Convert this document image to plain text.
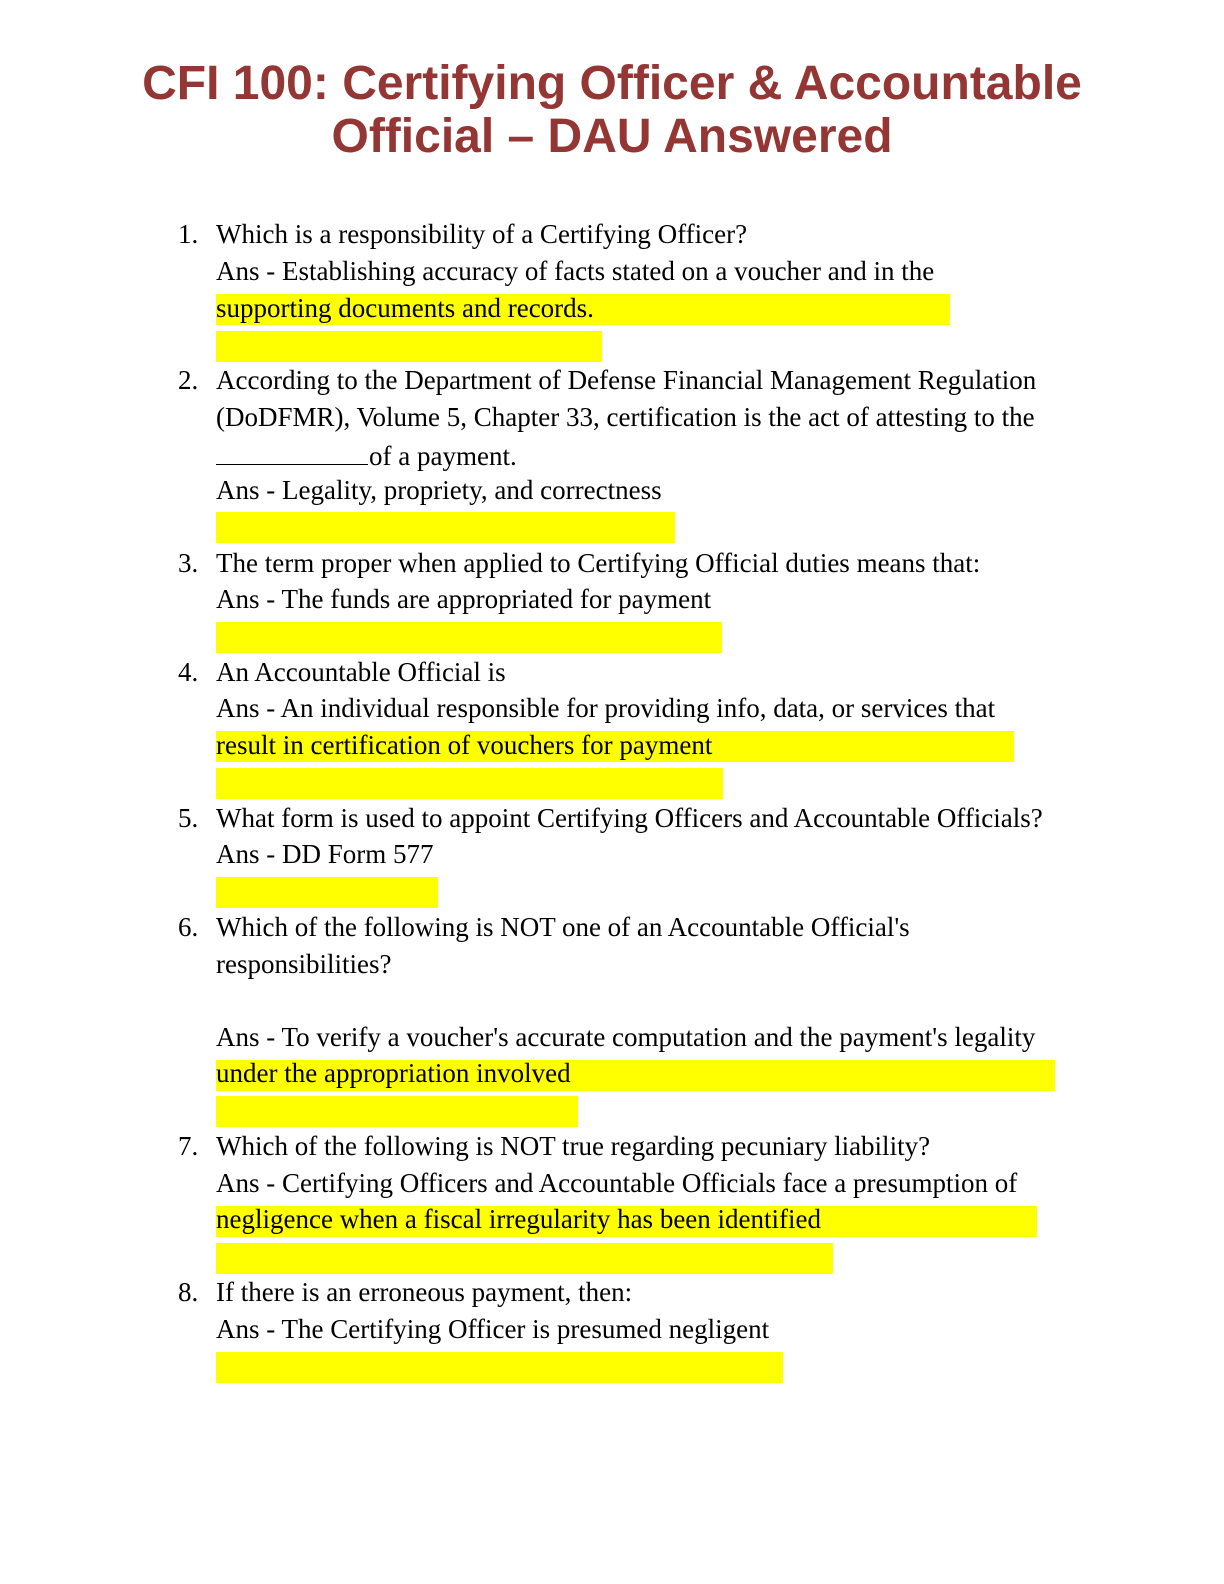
CFI 100: Certifying Officer & Accountable
Official – DAU Answered
1. Which is a responsibility of a Certifying Officer?
Ans - Establishing accuracy of facts stated on a voucher and in the
supporting documents and records.
2. According to the Department of Defense Financial Management Regulation
(DoDFMR), Volume 5, Chapter 33, certification is the act of attesting to the
of a payment.
Ans - Legality, propriety, and correctness
3. The term proper when applied to Certifying Official duties means that:
Ans - The funds are appropriated for payment
4. An Accountable Official is
Ans - An individual responsible for providing info, data, or services that
result in certification of vouchers for payment
5. What form is used to appoint Certifying Officers and Accountable Officials?
Ans - DD Form 577
6. Which of the following is NOT one of an Accountable Official's
responsibilities?
Ans - To verify a voucher's accurate computation and the payment's legality
under the appropriation involved
7. Which of the following is NOT true regarding pecuniary liability?
Ans - Certifying Officers and Accountable Officials face a presumption of
negligence when a fiscal irregularity has been identified
8. If there is an erroneous payment, then:
Ans - The Certifying Officer is presumed negligent
